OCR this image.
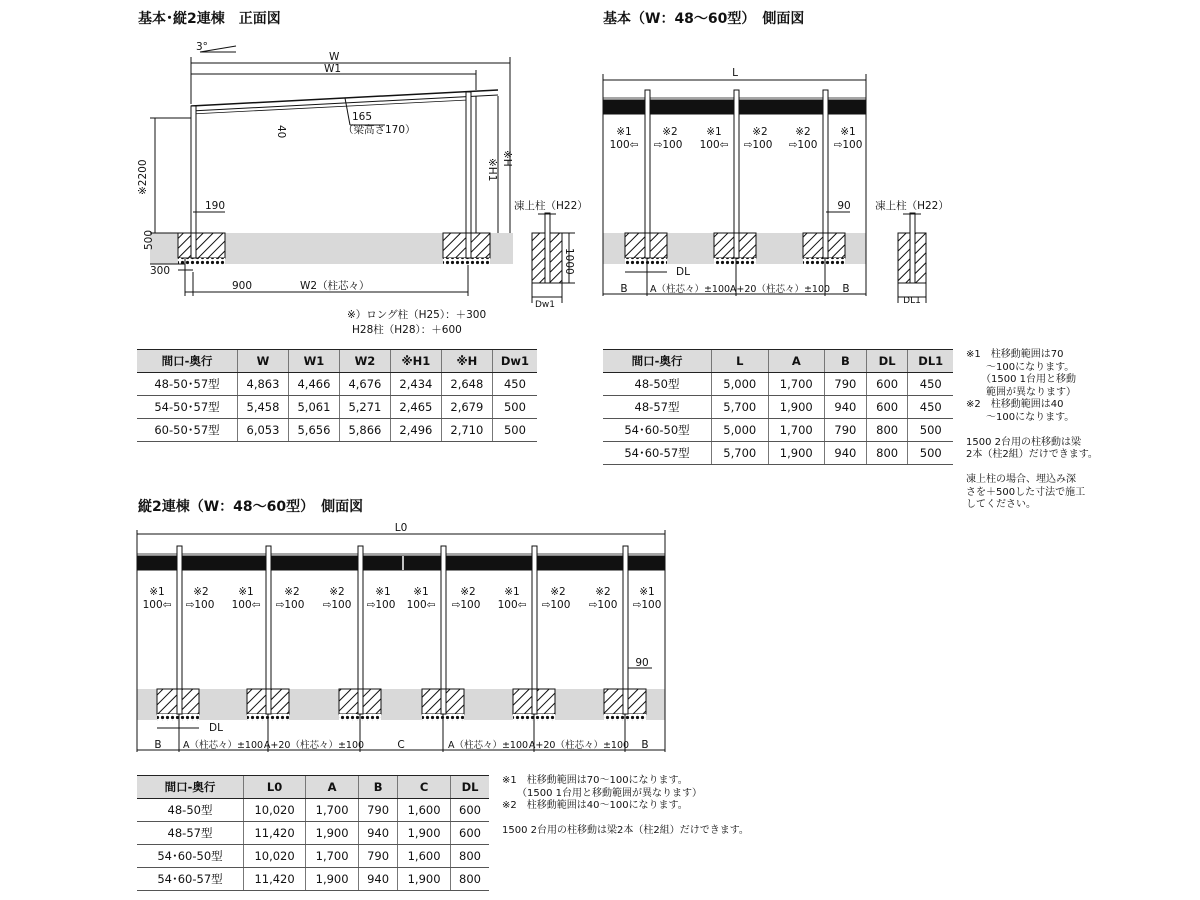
基本･縦2連棟　正面図	基本（W：48～60型）　側面図
縦2連棟（W：48～60型）　側面図
3°
W
W1
165
（梁高さ170）
40
※2200	※H1 ※H
190
500
300
900	W2（柱芯々）
凍上柱（H22）
1000
Dw1
※）ロング柱（H25）：＋300
H28柱（H28）：＋600
L
※1
100⇦
※2
⇨100
※1
100⇦
※2
⇨100
※2
⇨100
※1
⇨100
90 凍上柱（H22）
DL
DL1
B A（柱芯々）±100 A+20（柱芯々）±100 B
L0
※1
100⇦
※2
⇨100
※1
100⇦
※2
⇨100
※2
⇨100
※1
⇨100
※1
100⇦
※2
⇨100
※1
100⇦
※2
⇨100
※2
⇨100
※1
⇨100
90
DL
B A（柱芯々）±100 A+20（柱芯々）±100	C	A（柱芯々）±100 A+20（柱芯々）±100 B
間口-奥行	W	W1	W2	※H1	※H	Dw1
48-50･57型	4,863	4,466	4,676	2,434	2,648	450
54-50･57型	5,458	5,061	5,271	2,465	2,679	500
60-50･57型	6,053	5,656	5,866	2,496	2,710	500
間口-奥行	L	A	B	DL	DL1
48-50型	5,000	1,700	790	600	450
48-57型	5,700	1,900	940	600	450
54･60-50型	5,000	1,700	790	800	500
54･60-57型	5,700	1,900	940	800	500
間口-奥行	L0	A	B	C	DL
48-50型	10,020	1,700	790	1,600	600
48-57型	11,420	1,900	940	1,900	600
54･60-50型	10,020	1,700	790	1,600	800
54･60-57型	11,420	1,900	940	1,900	800
※1　柱移動範囲は70
　　～100になります。
　　（1500 1台用と移動
　　範囲が異なります）
※2　柱移動範囲は40
　　～100になります。

1500 2台用の柱移動は梁
2本（柱2組）だけできます。

凍上柱の場合、埋込み深
さを＋500した寸法で施工
してください。
※1　柱移動範囲は70～100になります。
　　（1500 1台用と移動範囲が異なります）
※2　柱移動範囲は40～100になります。

1500 2台用の柱移動は梁2本（柱2組）だけできます。
